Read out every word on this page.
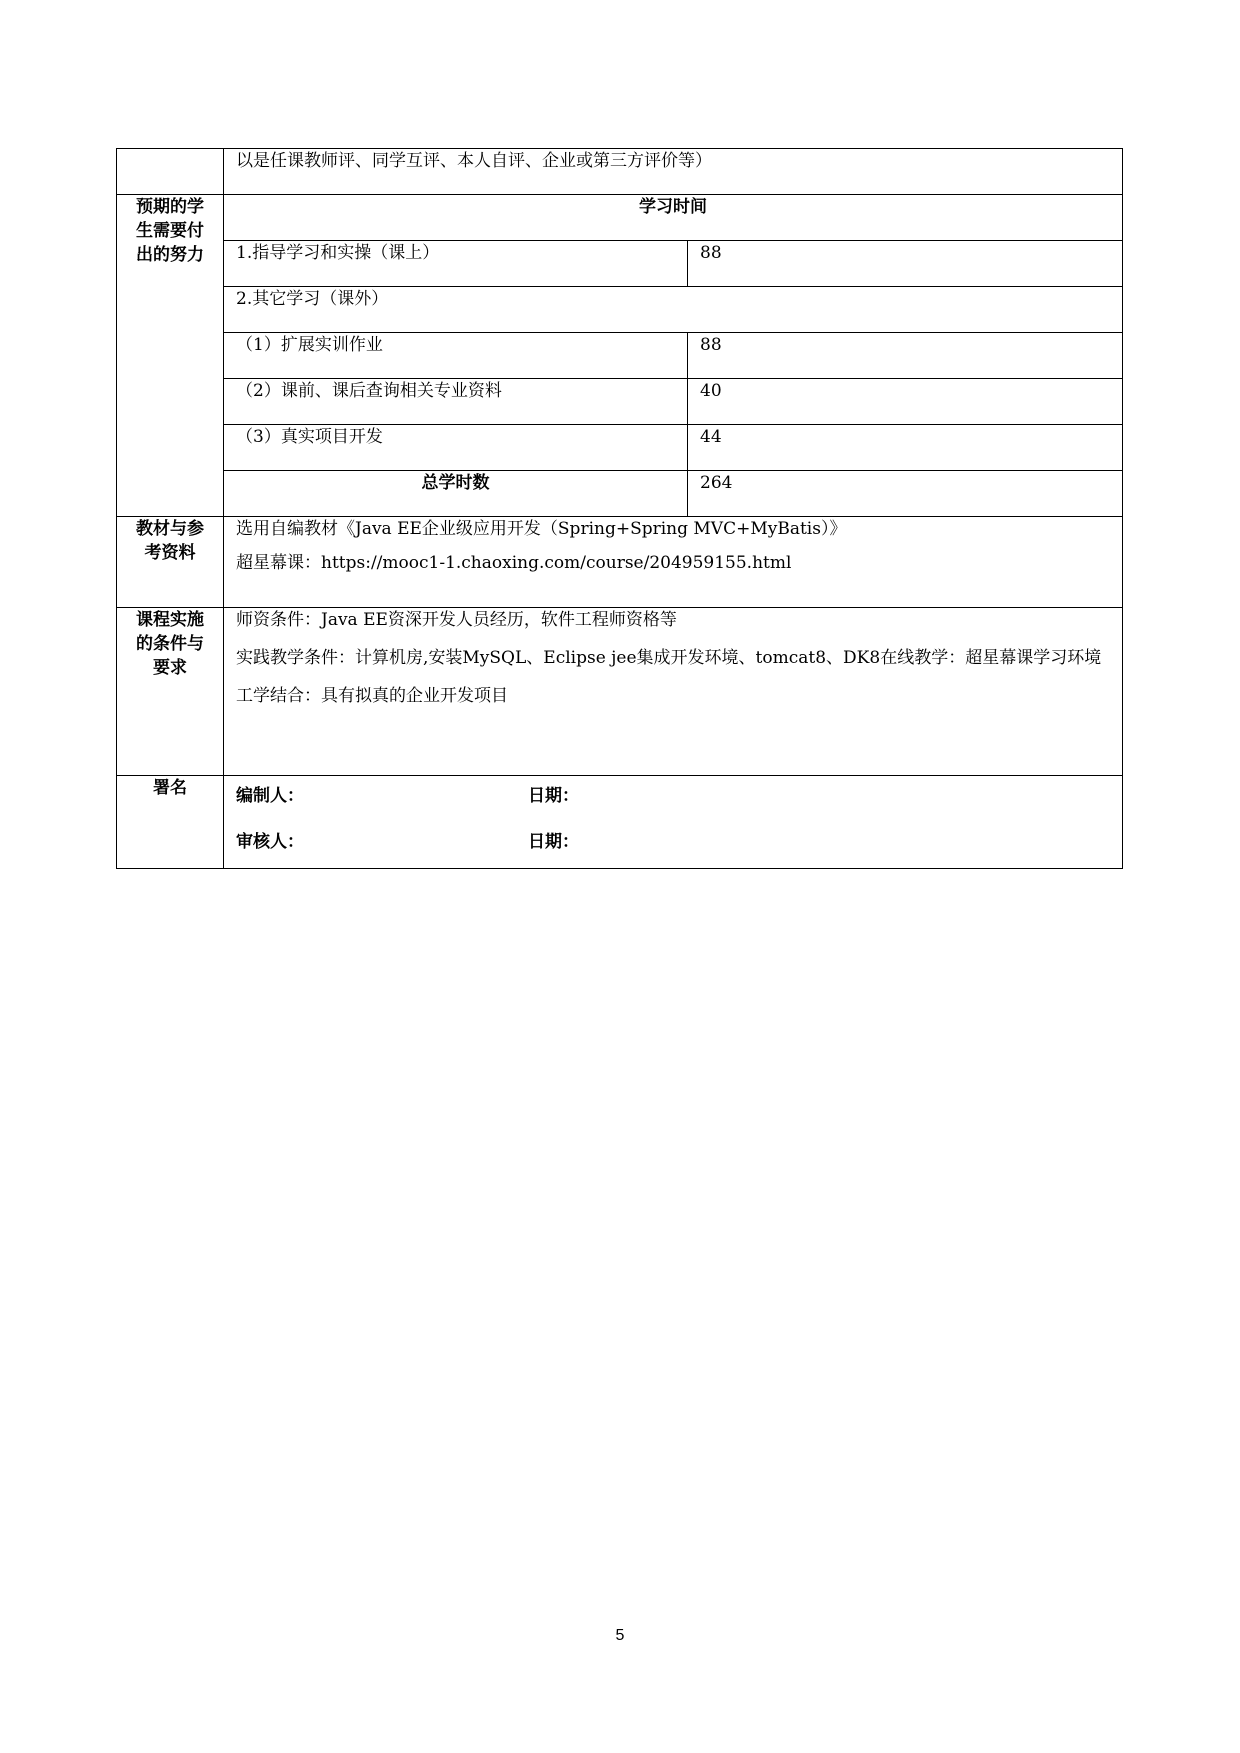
	以是任课教师评、同学互评、本人自评、企业或第三方评价等）	
预期的学生需要付出的努力	学习时间	
	1.指导学习和实操（课上）	88
	2.其它学习（课外）	
	（1）扩展实训作业	88
	（2）课前、课后查询相关专业资料	40
	（3）真实项目开发	44
	总学时数	264
教材与参考资料	选用自编教材《Java EE企业级应用开发（Spring+Spring MVC+MyBatis）》
超星幕课：https://mooc1-1.chaoxing.com/course/204959155.html	

课程实施的条件与要求	师资条件：Java EE资深开发人员经历，软件工程师资格等
实践教学条件：计算机房,安装MySQL、Eclipse jee集成开发环境、tomcat8、DK8在线教学：超星幕课学习环境
工学结合：具有拟真的企业开发项目	

署名	编制人： 日期：
审核人： 日期：	
5
